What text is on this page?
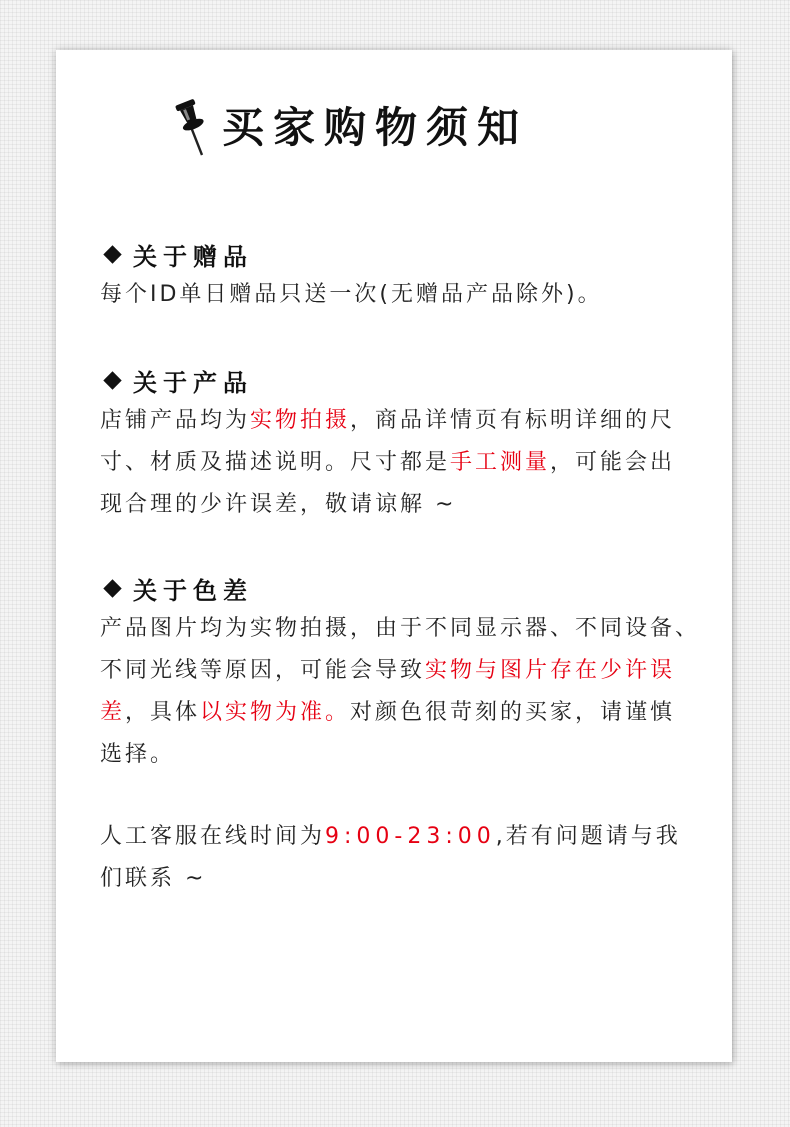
买家购物须知
关于赠品
每个ID单日赠品只送一次(无赠品产品除外)。
关于产品
店铺产品均为实物拍摄，商品详情页有标明详细的尺寸、材质及描述说明。尺寸都是手工测量，可能会出现合理的少许误差，敬请谅解 ~
关于色差
产品图片均为实物拍摄，由于不同显示器、不同设备、不同光线等原因，可能会导致实物与图片存在少许误差，具体以实物为准。对颜色很苛刻的买家，请谨慎选择。
人工客服在线时间为9:00-23:00,若有问题请与我们联系 ~
